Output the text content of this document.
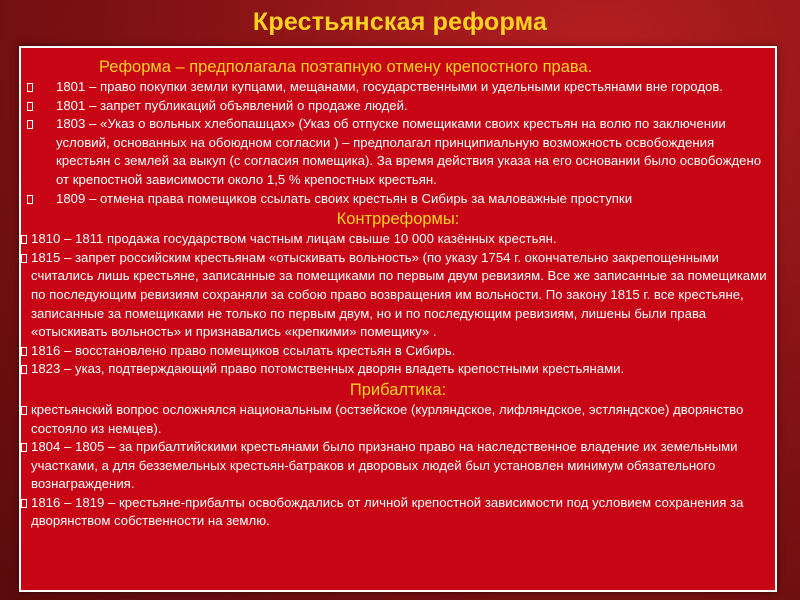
Крестьянская реформа
Реформа – предполагала поэтапную отмену крепостного права.
1801 – право покупки земли купцами, мещанами, государственными и удельными крестьянами вне городов.
1801 – запрет публикаций объявлений о продаже людей.
1803 – «Указ о вольных хлебопашцах» (Указ об отпуске помещиками своих крестьян на волю по заключении условий, основанных на обоюдном согласии ) – предполагал принципиальную возможность освобождения крестьян с землей за выкуп (с согласия помещика). За время действия указа на его основании было освобождено от крепостной зависимости около 1,5 % крепостных крестьян.
1809 – отмена права помещиков ссылать своих крестьян в Сибирь за маловажные проступки
Контрреформы:
1810 – 1811 продажа государством частным лицам свыше 10 000 казённых крестьян.
1815 – запрет российским крестьянам «отыскивать вольность» (по указу 1754 г. окончательно закрепощенными считались лишь крестьяне, записанные за помещиками по первым двум ревизиям. Все же записанные за помещиками по последующим ревизиям сохраняли за собою право возвращения им вольности. По закону 1815 г. все крестьяне, записанные за помещиками не только по первым двум, но и по последующим ревизиям, лишены были права «отыскивать вольность» и признавались «крепкими» помещику» .
1816 – восстановлено право помещиков ссылать крестьян в Сибирь.
1823 – указ, подтверждающий право потомственных дворян владеть крепостными крестьянами.
Прибалтика:
крестьянский вопрос осложнялся национальным (остзейское (курляндское, лифляндское, эстляндское) дворянство состояло из немцев).
1804 – 1805 – за прибалтийскими крестьянами было признано право на наследственное владение их земельными участками, а для безземельных крестьян-батраков и дворовых людей был установлен минимум обязательного вознаграждения.
1816 – 1819 – крестьяне-прибалты освобождались от личной крепостной зависимости под условием сохранения за дворянством собственности на землю.
